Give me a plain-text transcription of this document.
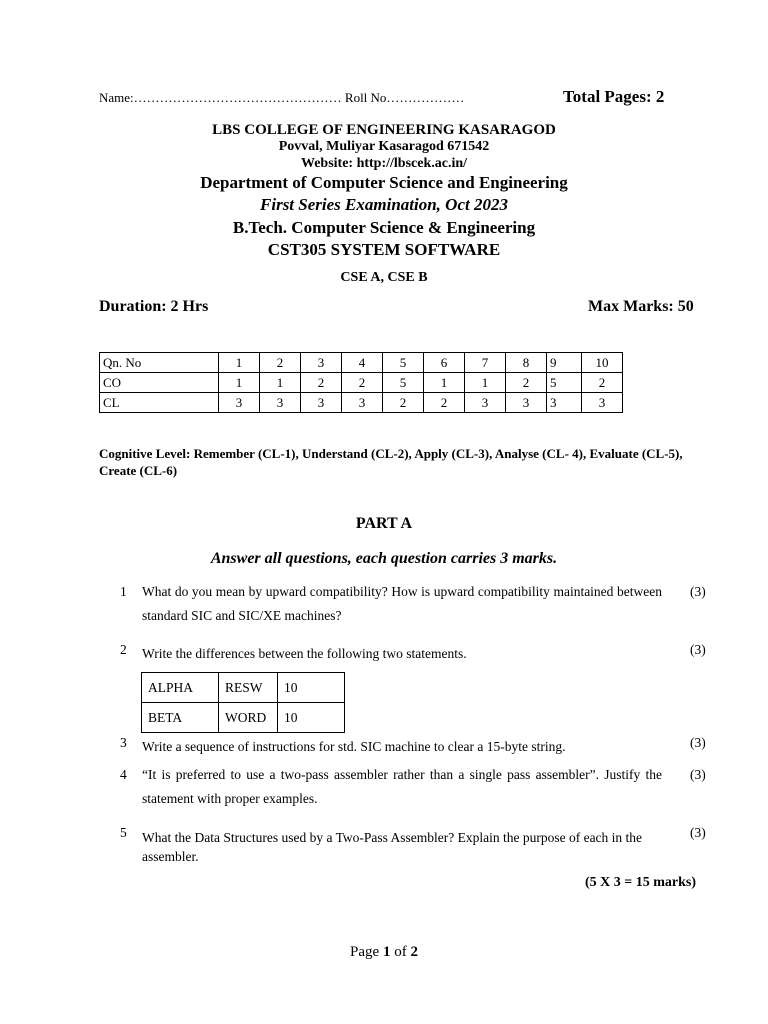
Name:………………………………………… Roll No………………	Total Pages: 2
LBS COLLEGE OF ENGINEERING KASARAGOD
Povval, Muliyar Kasaragod 671542
Website: http://lbscek.ac.in/
Department of Computer Science and Engineering
First Series Examination, Oct 2023
B.Tech. Computer Science & Engineering
CST305 SYSTEM SOFTWARE
CSE A, CSE B
Duration: 2 Hrs	Max Marks: 50
Qn. No	1	2	3	4	5	6	7	8	9	10
CO	1	1	2	2	5	1	1	2	5	2
CL	3	3	3	3	2	2	3	3	3	3
Cognitive Level: Remember (CL-1), Understand (CL-2), Apply (CL-3), Analyse (CL- 4), Evaluate (CL-5), Create (CL-6)
PART A
Answer all questions, each question carries 3 marks.
1 What do you mean by upward compatibility? How is upward compatibility maintained between standard SIC and SIC/XE machines?
(3)
2 Write the differences between the following two statements.	(3)
ALPHA	RESW	10
BETA	WORD	10
3 Write a sequence of instructions for std. SIC machine to clear a 15-byte string.	(3)
4 “It is preferred to use a two-pass assembler rather than a single pass assembler”. Justify the statement with proper examples.
(3)
5 What the Data Structures used by a Two-Pass Assembler? Explain the purpose of each in the assembler.
(3)
(5 X 3 = 15 marks)
Page 1 of 2
